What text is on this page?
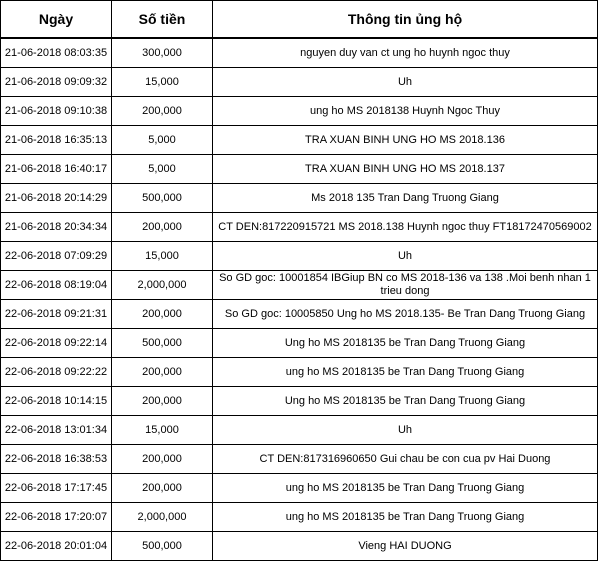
Ngày	Số tiền	Thông tin ủng hộ
21-06-2018 08:03:35	300,000	nguyen duy van ct ung ho huynh ngoc thuy
21-06-2018 09:09:32	15,000	Uh
21-06-2018 09:10:38	200,000	ung ho MS 2018138 Huynh Ngoc Thuy
21-06-2018 16:35:13	5,000	TRA XUAN BINH UNG HO MS 2018.136
21-06-2018 16:40:17	5,000	TRA XUAN BINH UNG HO MS 2018.137
21-06-2018 20:14:29	500,000	Ms 2018 135 Tran Dang Truong Giang
21-06-2018 20:34:34	200,000	CT DEN:817220915721 MS 2018.138 Huynh ngoc thuy FT18172470569002
22-06-2018 07:09:29	15,000	Uh
22-06-2018 08:19:04	2,000,000	So GD goc: 10001854 IBGiup BN co MS 2018-136 va 138 .Moi benh nhan 1 trieu dong
22-06-2018 09:21:31	200,000	So GD goc: 10005850 Ung ho MS 2018.135- Be Tran Dang Truong Giang
22-06-2018 09:22:14	500,000	Ung ho MS 2018135 be Tran Dang Truong Giang
22-06-2018 09:22:22	200,000	ung ho MS 2018135 be Tran Dang Truong Giang
22-06-2018 10:14:15	200,000	Ung ho MS 2018135 be Tran Dang Truong Giang
22-06-2018 13:01:34	15,000	Uh
22-06-2018 16:38:53	200,000	CT DEN:817316960650 Gui chau be con cua pv Hai Duong
22-06-2018 17:17:45	200,000	ung ho MS 2018135 be Tran Dang Truong Giang
22-06-2018 17:20:07	2,000,000	ung ho MS 2018135 be Tran Dang Truong Giang
22-06-2018 20:01:04	500,000	Vieng HAI DUONG
